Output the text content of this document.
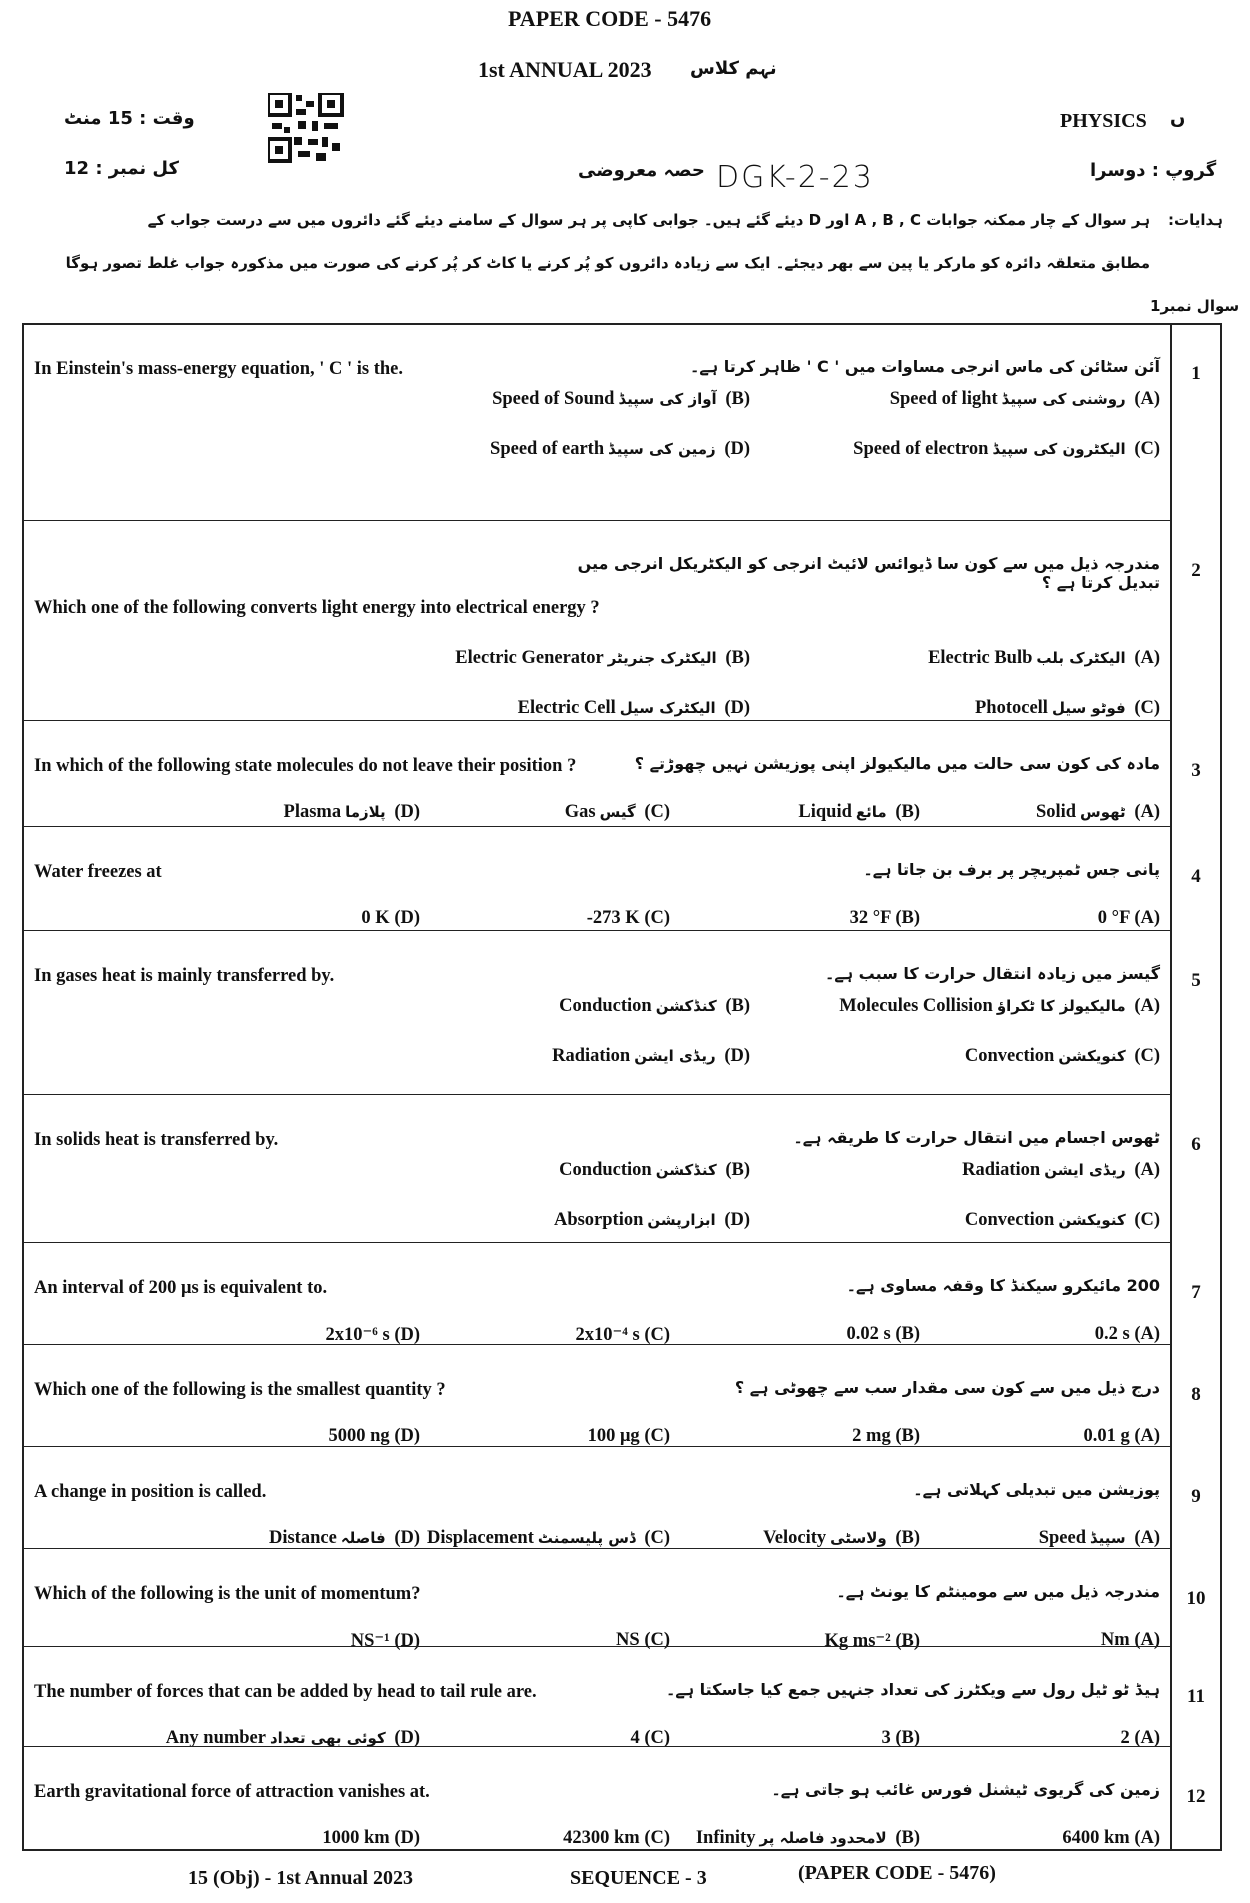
PAPER CODE - 5476
1st ANNUAL 2023 نہم کلاس
وقت : 15 منٹ
کل نمبر : 12
PHYSICS ں
گروپ : دوسرا
حصہ معروضی DGK-2-23
ہدایات:
ہر سوال کے چار ممکنہ جوابات A , B , C اور D دیئے گئے ہیں۔ جوابی کاپی پر ہر سوال کے سامنے دیئے گئے دائروں میں سے درست جواب کے
مطابق متعلقہ دائرہ کو مارکر یا پین سے بھر دیجئے۔ ایک سے زیادہ دائروں کو پُر کرنے یا کاٹ کر پُر کرنے کی صورت میں مذکورہ جواب غلط تصور ہوگا
سوال نمبر1
1
آئن سٹائن کی ماس انرجی مساوات میں ' C ' ظاہر کرتا ہے۔
In Einstein's mass-energy equation, ' C ' is the.
Speed of light روشنی کی سپیڈ (A)
Speed of Sound آواز کی سپیڈ (B)
Speed of electron الیکٹرون کی سپیڈ (C)
Speed of earth زمین کی سپیڈ (D)
2
مندرجہ ذیل میں سے کون سا ڈیوائس لائیٹ انرجی کو الیکٹریکل انرجی میں تبدیل کرتا ہے ؟
Which one of the following converts light energy into electrical energy ?
Electric Bulb الیکٹرک بلب (A)
Electric Generator الیکٹرک جنریٹر (B)
Photocell فوٹو سیل (C)
Electric Cell الیکٹرک سیل (D)
3
مادہ کی کون سی حالت میں مالیکیولز اپنی پوزیشن نہیں چھوڑتے ؟
In which of the following state molecules do not leave their position ?
Solid ٹھوس (A)
Liquid مائع (B)
Gas گیس (C)
Plasma پلازما (D)
4
پانی جس ٹمپریچر پر برف بن جاتا ہے۔
Water freezes at
0 °F (A)
32 °F (B)
-273 K (C)
0 K (D)
5
گیسز میں زیادہ انتقال حرارت کا سبب ہے۔
In gases heat is mainly transferred by.
Molecules Collision مالیکیولز کا ٹکراؤ (A)
Conduction کنڈکشن (B)
Convection کنویکشن (C)
Radiation ریڈی ایشن (D)
6
ٹھوس اجسام میں انتقال حرارت کا طریقہ ہے۔
In solids heat is transferred by.
Radiation ریڈی ایشن (A)
Conduction کنڈکشن (B)
Convection کنویکشن (C)
Absorption ابزارپشن (D)
7
200 مائیکرو سیکنڈ کا وقفہ مساوی ہے۔
An interval of 200 μs is equivalent to.
0.2 s (A)
0.02 s (B)
2x10⁻⁴ s (C)
2x10⁻⁶ s (D)
8
درج ذیل میں سے کون سی مقدار سب سے چھوٹی ہے ؟
Which one of the following is the smallest quantity ?
0.01 g (A)
2 mg (B)
100 μg (C)
5000 ng (D)
9
پوزیشن میں تبدیلی کہلاتی ہے۔
A change in position is called.
Speed سپیڈ (A)
Velocity ولاسٹی (B)
Displacement ڈس پلیسمنٹ (C)
Distance فاصلہ (D)
10
مندرجہ ذیل میں سے مومینٹم کا یونٹ ہے۔
Which of the following is the unit of momentum?
Nm (A)
Kg ms⁻² (B)
NS (C)
NS⁻¹ (D)
11
ہیڈ ٹو ٹیل رول سے ویکٹرز کی تعداد جنہیں جمع کیا جاسکتا ہے۔
The number of forces that can be added by head to tail rule are.
2 (A)
3 (B)
4 (C)
Any number کوئی بھی تعداد (D)
12
زمین کی گریوی ٹیشنل فورس غائب ہو جاتی ہے۔
Earth gravitational force of attraction vanishes at.
6400 km (A)
Infinity لامحدود فاصلہ پر (B)
42300 km (C)
1000 km (D)
15 (Obj) - 1st Annual 2023	SEQUENCE - 3	(PAPER CODE - 5476)
